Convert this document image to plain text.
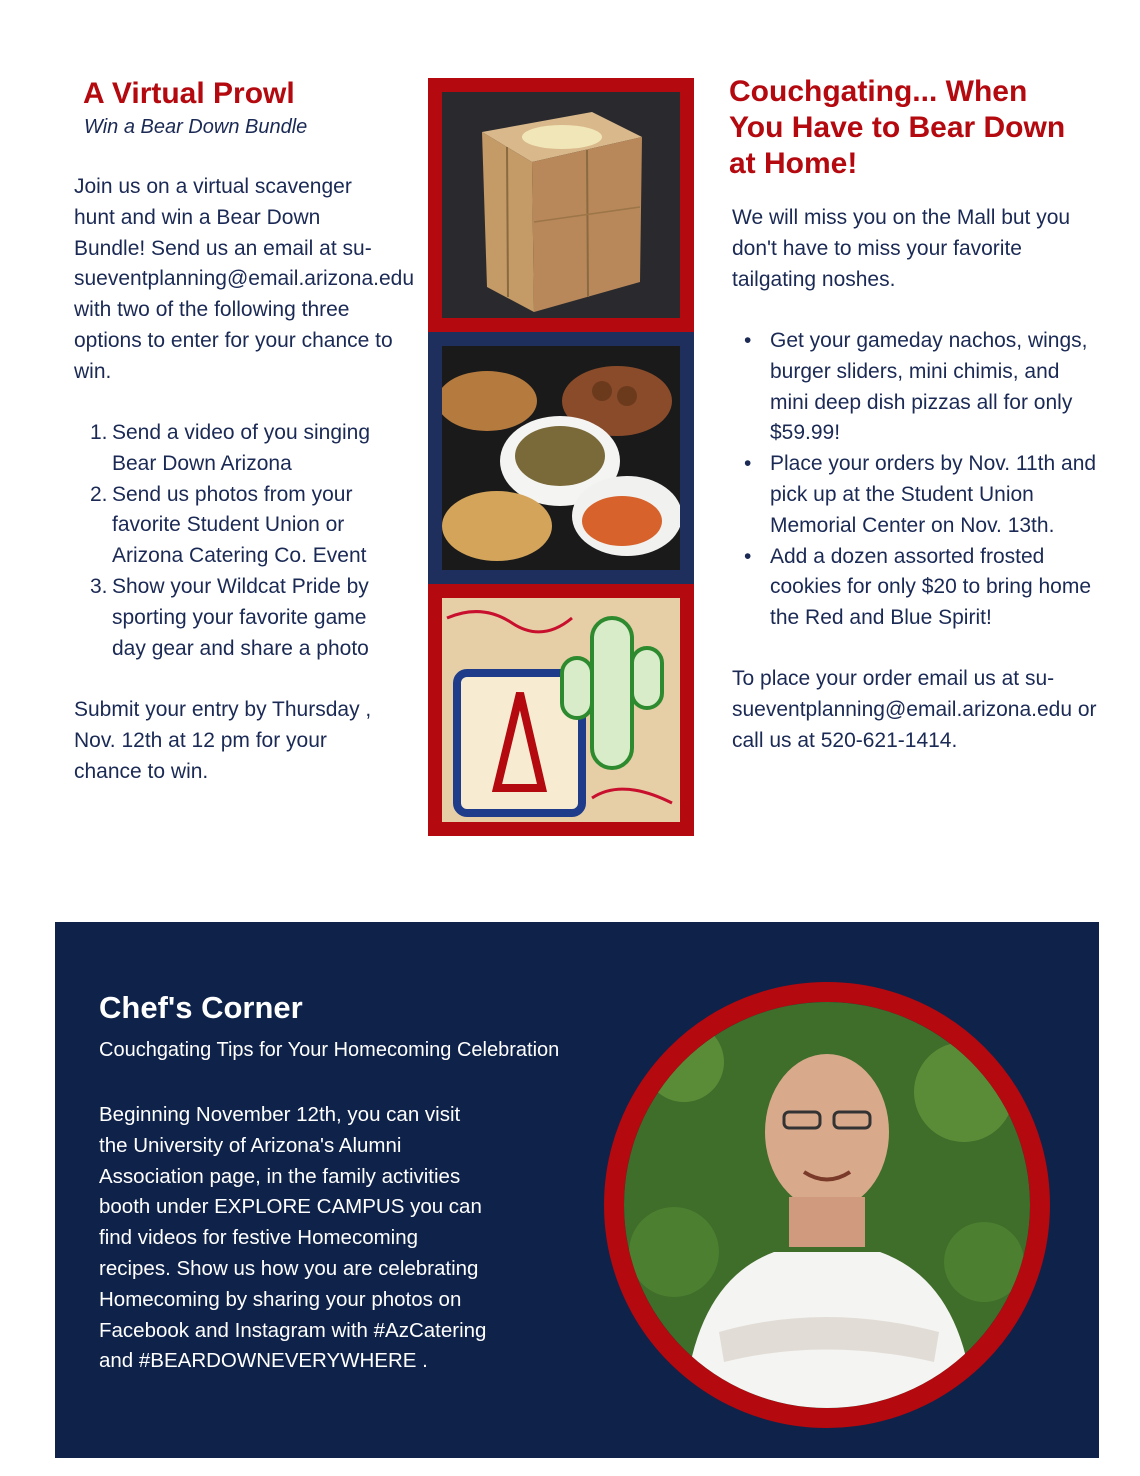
A Virtual Prowl
Win a Bear Down Bundle
Join us on a virtual scavenger hunt and win a Bear Down Bundle! Send us an email at su-sueventplanning@email.arizona.edu with two of the following three options to enter for your chance to win.
1. Send a video of you singing Bear Down Arizona
2. Send us photos from your favorite Student Union or Arizona Catering Co. Event
3. Show your Wildcat Pride by sporting your favorite game day gear and share a photo
Submit your entry by Thursday , Nov. 12th at 12 pm for your chance to win.
Couchgating... When You Have to Bear Down at Home!
We will miss you on the Mall but you don't have to miss your favorite tailgating noshes.
• Get your gameday nachos, wings, burger sliders, mini chimis, and mini deep dish pizzas all for only $59.99!
• Place your orders by Nov. 11th and pick up at the Student Union Memorial Center on Nov. 13th.
• Add a dozen assorted frosted cookies for only $20 to bring home the Red and Blue Spirit!
To place your order email us at su-sueventplanning@email.arizona.edu or call us at 520-621-1414.
Chef's Corner
Couchgating Tips for Your Homecoming Celebration
Beginning November 12th, you can visit the University of Arizona's Alumni Association page, in the family activities booth under EXPLORE CAMPUS you can find videos for festive Homecoming recipes. Show us how you are celebrating Homecoming by sharing your photos on Facebook and Instagram with #AzCatering and #BEARDOWNEVERYWHERE .
